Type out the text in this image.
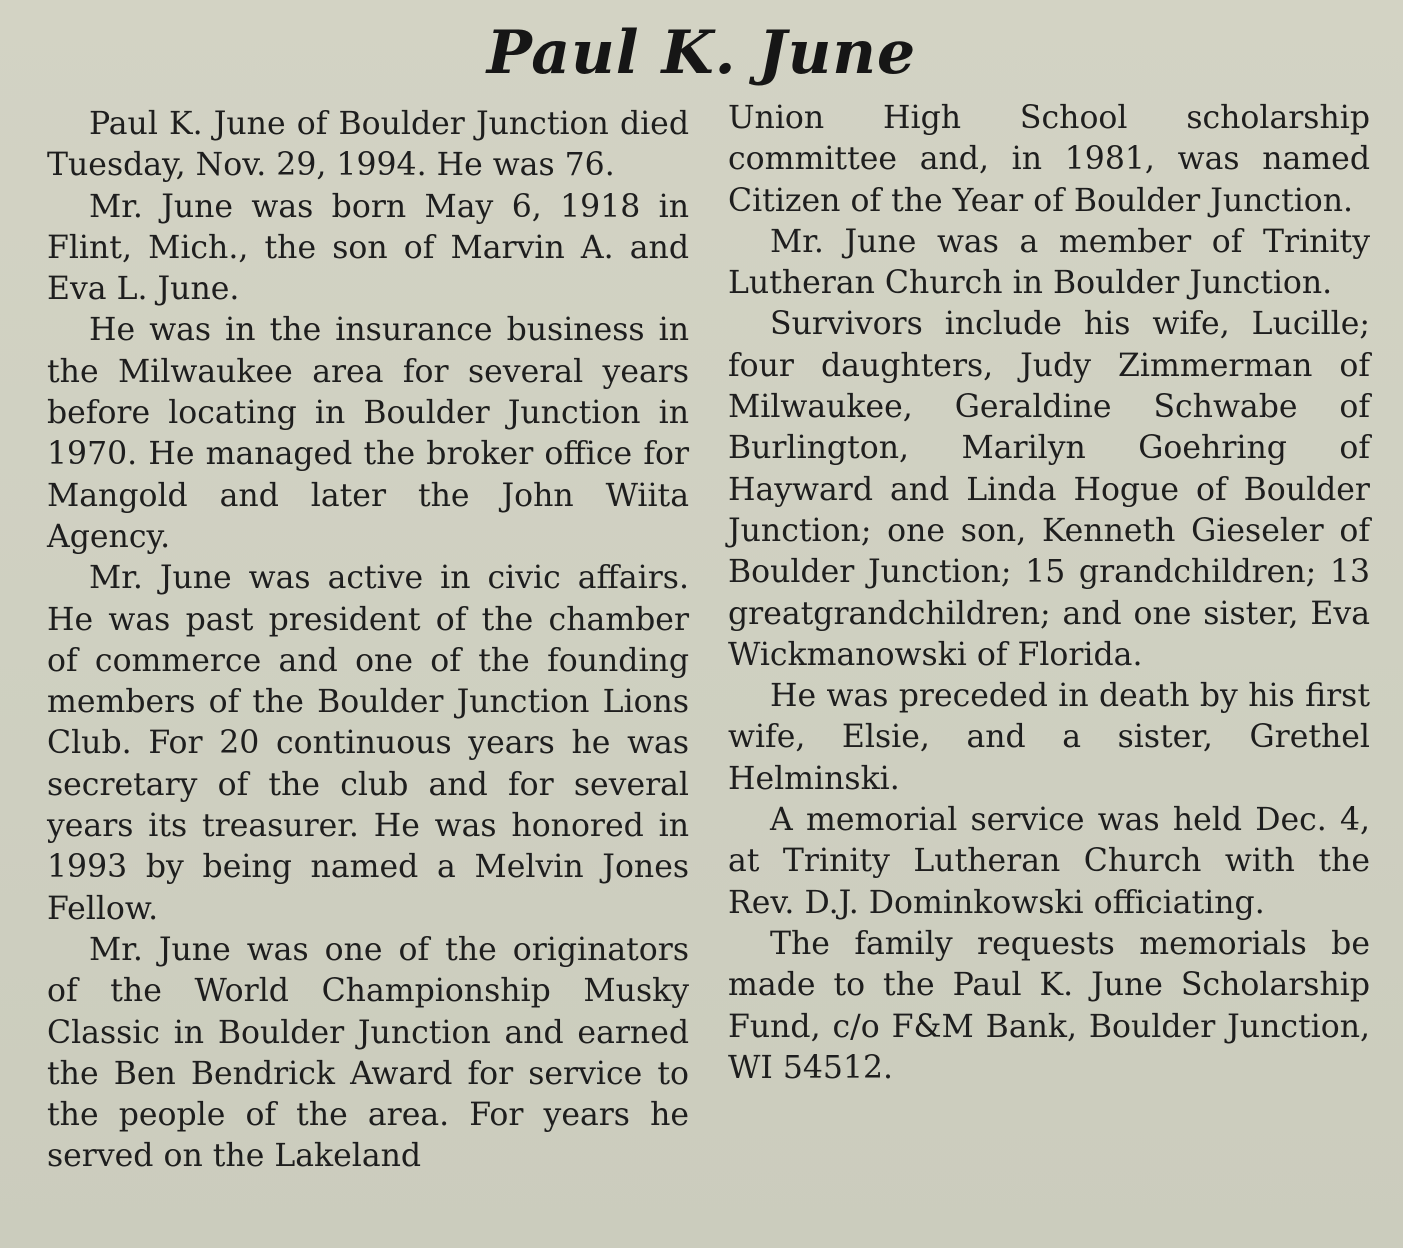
Paul K. June

Paul K. June of Boulder Junction died Tuesday, Nov. 29, 1994. He was 76.

Mr. June was born May 6, 1918 in Flint, Mich., the son of Marvin A. and Eva L. June.

He was in the insurance business in the Milwaukee area for several years before locating in Boulder Junction in 1970. He managed the broker office for Mangold and later the John Wiita Agency.

Mr. June was active in civic affairs. He was past president of the chamber of commerce and one of the founding members of the Boulder Junction Lions Club. For 20 continuous years he was secretary of the club and for several years its treasurer. He was honored in 1993 by being named a Melvin Jones Fellow.

Mr. June was one of the originators of the World Championship Musky Classic in Boulder Junction and earned the Ben Bendrick Award for service to the people of the area. For years he served on the Lakeland

Union High School scholarship committee and, in 1981, was named Citizen of the Year of Boulder Junction.

Mr. June was a member of Trinity Lutheran Church in Boulder Junction.

Survivors include his wife, Lucille; four daughters, Judy Zimmerman of Milwaukee, Geraldine Schwabe of Burlington, Marilyn Goehring of Hayward and Linda Hogue of Boulder Junction; one son, Kenneth Gieseler of Boulder Junction; 15 grandchildren; 13 greatgrandchildren; and one sister, Eva Wickmanowski of Florida.

He was preceded in death by his first wife, Elsie, and a sister, Grethel Helminski.

A memorial service was held Dec. 4, at Trinity Lutheran Church with the Rev. D.J. Dominkowski officiating.

The family requests memorials be made to the Paul K. June Scholarship Fund, c/o F&M Bank, Boulder Junction, WI 54512.
